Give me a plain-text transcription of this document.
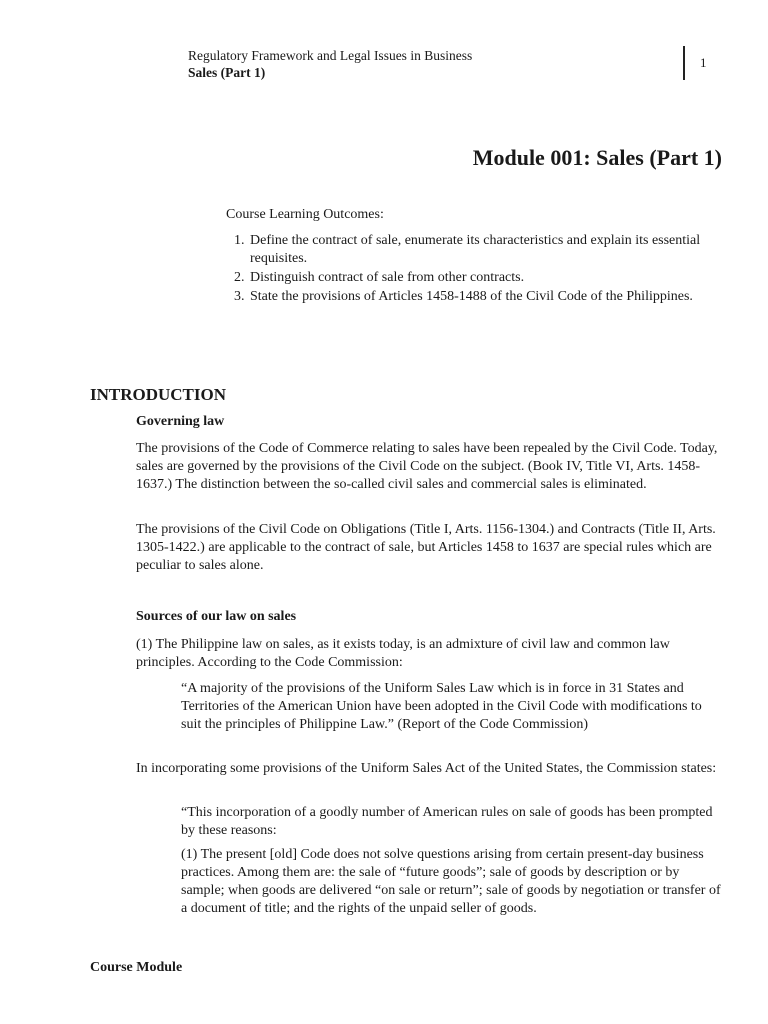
Regulatory Framework and Legal Issues in Business
Sales (Part 1)
1
Module 001: Sales (Part 1)
Course Learning Outcomes:
1. Define the contract of sale, enumerate its characteristics and explain its essential requisites.
2. Distinguish contract of sale from other contracts.
3. State the provisions of Articles 1458-1488 of the Civil Code of the Philippines.
INTRODUCTION
Governing law

The provisions of the Code of Commerce relating to sales have been repealed by the Civil Code. Today, sales are governed by the provisions of the Civil Code on the subject. (Book IV, Title VI, Arts. 1458-1637.) The distinction between the so-called civil sales and commercial sales is eliminated.

The provisions of the Civil Code on Obligations (Title I, Arts. 1156-1304.) and Contracts (Title II, Arts. 1305-1422.) are applicable to the contract of sale, but Articles 1458 to 1637 are special rules which are peculiar to sales alone.

Sources of our law on sales

(1) The Philippine law on sales, as it exists today, is an admixture of civil law and common law principles. According to the Code Commission:

“A majority of the provisions of the Uniform Sales Law which is in force in 31 States and Territories of the American Union have been adopted in the Civil Code with modifications to suit the principles of Philippine Law.” (Report of the Code Commission)

In incorporating some provisions of the Uniform Sales Act of the United States, the Commission states:

“This incorporation of a goodly number of American rules on sale of goods has been prompted by these reasons:

(1) The present [old] Code does not solve questions arising from certain present-day business practices. Among them are: the sale of “future goods”; sale of goods by description or by sample; when goods are delivered “on sale or return”; sale of goods by negotiation or transfer of a document of title; and the rights of the unpaid seller of goods.

Course Module
